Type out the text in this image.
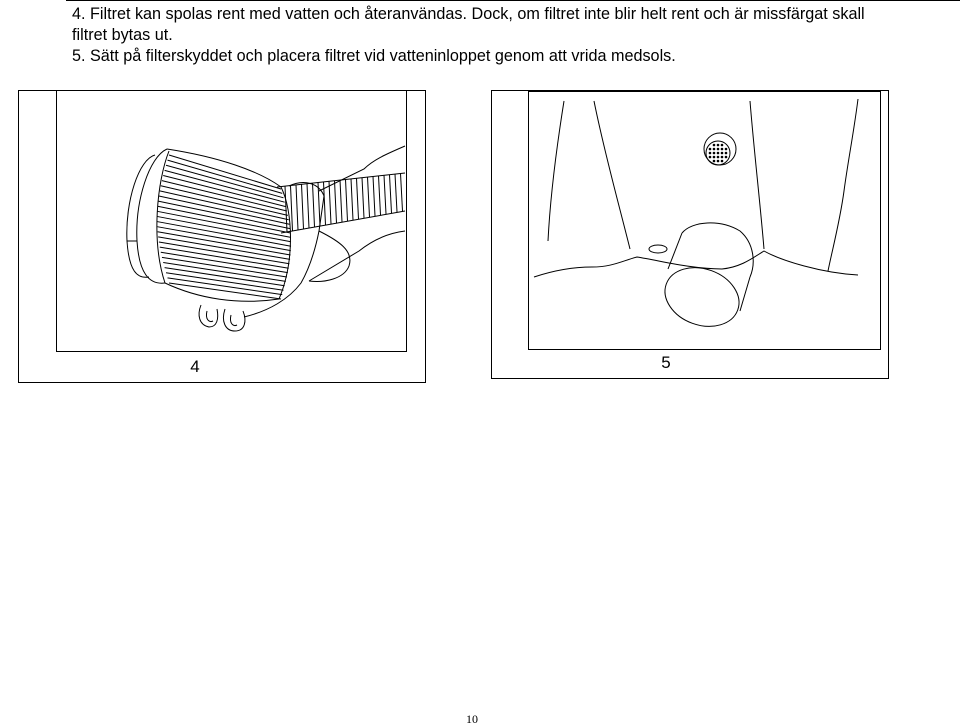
4. Filtret kan spolas rent med vatten och återanvändas. Dock, om filtret inte blir helt rent och är missfärgat skall

filtret bytas ut.

5. Sätt på filterskyddet och placera filtret vid vatteninloppet genom att vrida medsols.

4	5
10
